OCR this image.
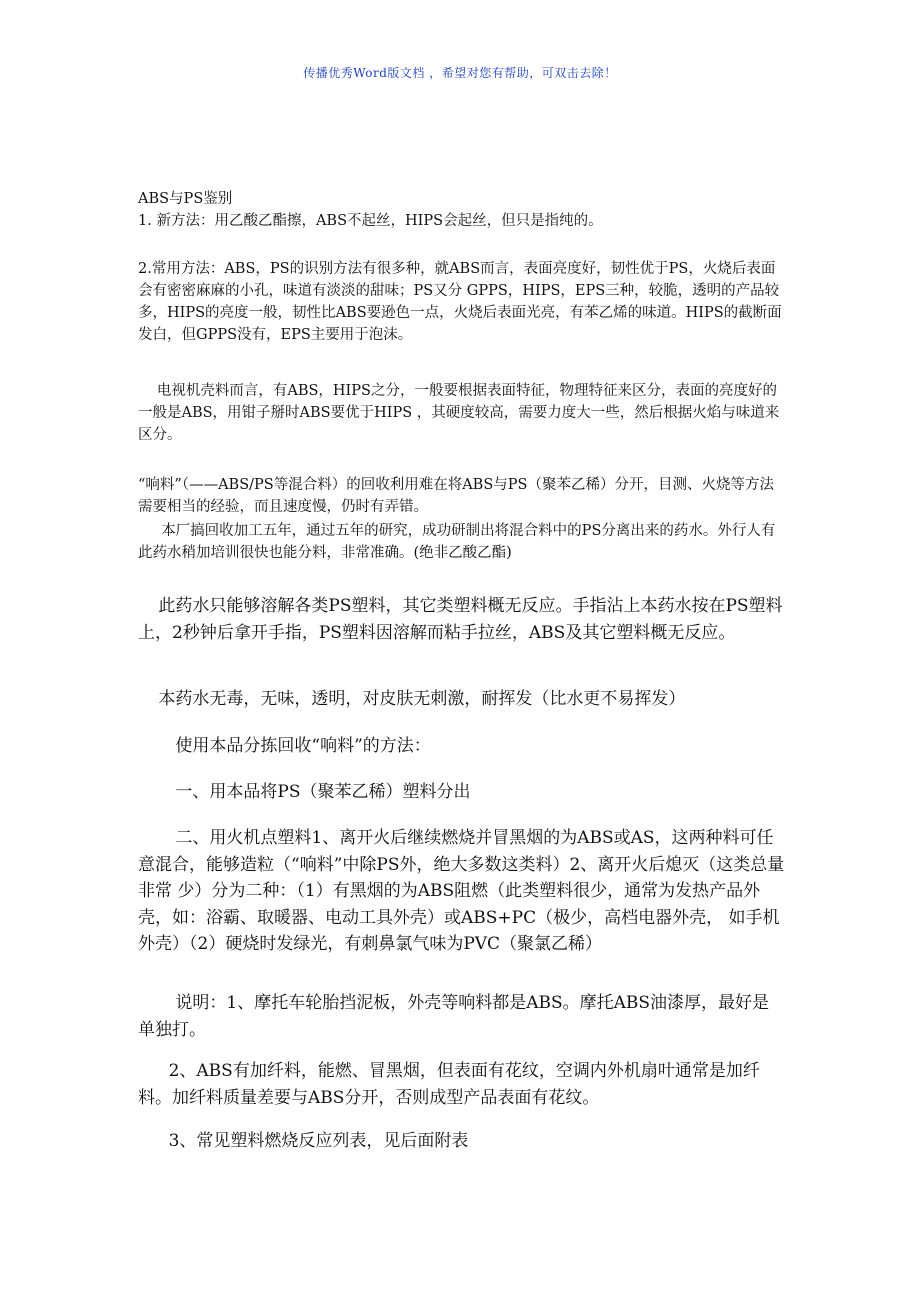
传播优秀Word版文档 ，希望对您有帮助，可双击去除！

ABS与PS鉴别

1. 新方法：用乙酸乙酯擦，ABS不起丝，HIPS会起丝，但只是指纯的。

2.常用方法：ABS，PS的识别方法有很多种，就ABS而言，表面亮度好，韧性优于PS，火烧后表面会有密密麻麻的小孔，味道有淡淡的甜味；PS又分 GPPS，HIPS，EPS三种，较脆，透明的产品较多，HIPS的亮度一般，韧性比ABS要逊色一点，火烧后表面光亮，有苯乙烯的味道。HIPS的截断面发白，但GPPS没有，EPS主要用于泡沫。

电视机壳料而言，有ABS，HIPS之分，一般要根据表面特征，物理特征来区分，表面的亮度好的一般是ABS，用钳子掰时ABS要优于HIPS ，其硬度较高，需要力度大一些，然后根据火焰与味道来区分。

“响料”（——ABS/PS等混合料）的回收利用难在将ABS与PS（聚苯乙稀）分开，目测、火烧等方法需要相当的经验，而且速度慢，仍时有弄错。

本厂搞回收加工五年，通过五年的研究，成功研制出将混合料中的PS分离出来的药水。外行人有此药水稍加培训很快也能分料，非常准确。(绝非乙酸乙酯)

此药水只能够溶解各类PS塑料，其它类塑料概无反应。手指沾上本药水按在PS塑料上，2秒钟后拿开手指，PS塑料因溶解而粘手拉丝，ABS及其它塑料概无反应。

本药水无毒，无味，透明，对皮肤无刺激，耐挥发（比水更不易挥发）

使用本品分拣回收“响料”的方法：

一、用本品将PS（聚苯乙稀）塑料分出

二、用火机点塑料1、离开火后继续燃烧并冒黑烟的为ABS或AS，这两种料可任意混合，能够造粒（“响料”中除PS外，绝大多数这类料）2、离开火后熄灭（这类总量非常 少）分为二种：（1）有黑烟的为ABS阻燃（此类塑料很少，通常为发热产品外壳，如：浴霸、取暖器、电动工具外壳）或ABS+PC（极少，高档电器外壳， 如手机外壳）（2）硬烧时发绿光，有刺鼻氯气味为PVC（聚氯乙稀）

说明：1、摩托车轮胎挡泥板，外壳等响料都是ABS。摩托ABS油漆厚，最好是单独打。

2、ABS有加纤料，能燃、冒黑烟，但表面有花纹，空调内外机扇叶通常是加纤料。加纤料质量差要与ABS分开，否则成型产品表面有花纹。

3、常见塑料燃烧反应列表，见后面附表
